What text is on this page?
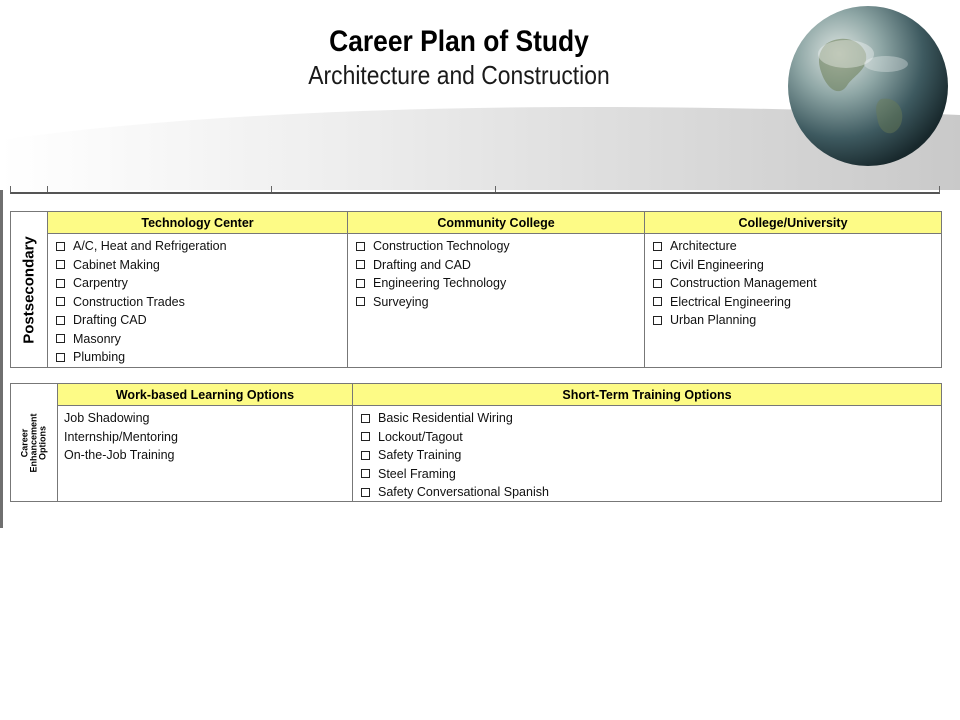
Career Plan of Study
Architecture and Construction
Postsecondary
Technology Center
A/C, Heat and Refrigeration
Cabinet Making
Carpentry
Construction Trades
Drafting CAD
Masonry
Plumbing
Community College
Construction Technology
Drafting and CAD
Engineering Technology
Surveying
College/University
Architecture
Civil Engineering
Construction Management
Electrical Engineering
Urban Planning
Career Enhancement Options
Work-based Learning Options
Job Shadowing
Internship/Mentoring
On-the-Job Training
Short-Term Training Options
Basic Residential Wiring
Lockout/Tagout
Safety Training
Steel Framing
Safety Conversational Spanish
